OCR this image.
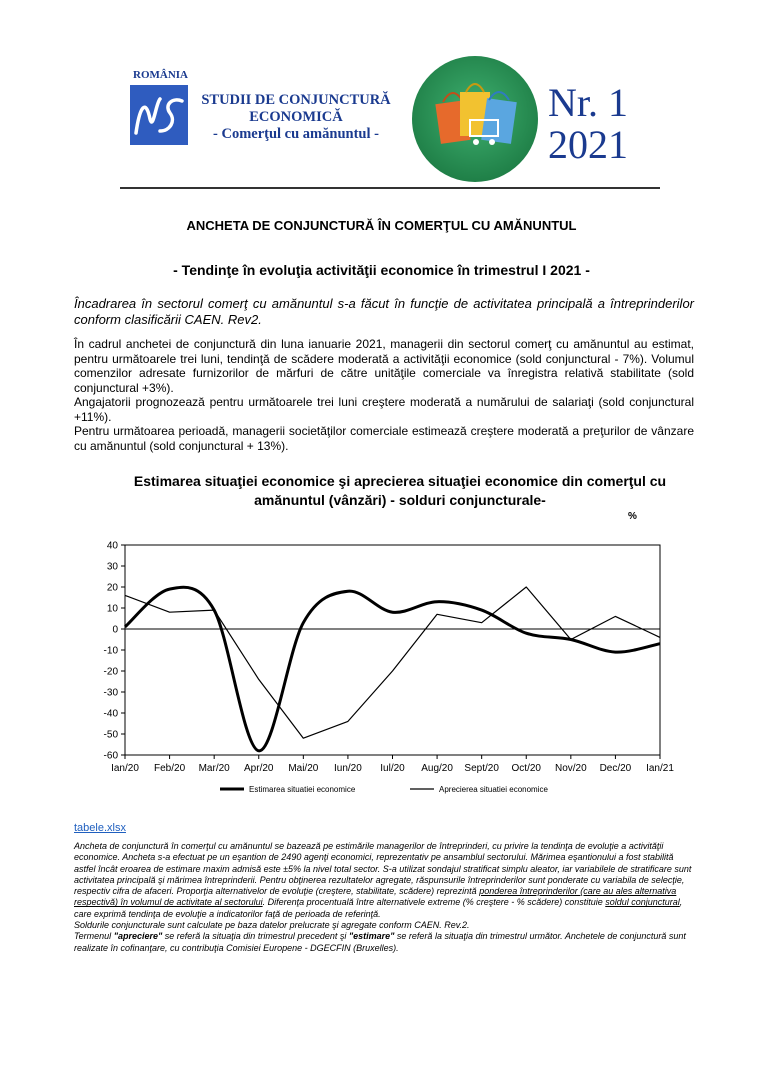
ROMÂNIA
STUDII DE CONJUNCTURĂ
ECONOMICĂ
- Comerţul cu amănuntul -
Nr. 1
2021
ANCHETA DE CONJUNCTURĂ ÎN COMERŢUL CU AMĂNUNTUL
- Tendinţe în evoluţia activităţii economice în trimestrul I 2021 -
Încadrarea în sectorul comerţ cu amănuntul s-a făcut în funcţie de activitatea principală a întreprinderilor conform clasificării CAEN. Rev2.

În cadrul anchetei de conjunctură din luna ianuarie 2021, managerii din sectorul comerţ cu amănuntul au estimat, pentru următoarele trei luni, tendinţă de scădere moderată a activităţii economice (sold conjunctural - 7%). Volumul comenzilor adresate furnizorilor de mărfuri de către unităţile comerciale va înregistra relativă stabilitate (sold conjunctural +3%).

Angajatorii prognozează pentru următoarele trei luni creştere moderată a numărului de salariaţi (sold conjunctural +11%).

Pentru următoarea perioadă, managerii societăţilor comerciale estimează creştere moderată a preţurilor de vânzare cu amănuntul (sold conjunctural + 13%).

Estimarea situaţiei economice şi aprecierea situaţiei economice din comerţul cu amănuntul (vânzări) - solduri conjuncturale-
%
40
30
20
10
0
-10
-20
-30
-40
-50
-60
Ian/20 Feb/20 Mar/20 Apr/20 Mai/20 Iun/20 Iul/20 Aug/20 Sept/20 Oct/20 Nov/20 Dec/20 Ian/21
Estimarea situatiei economice	Aprecierea situatiei economice
tabele.xlsx

Ancheta de conjunctură în comerţul cu amănuntul se bazează pe estimările managerilor de întreprinderi, cu privire la tendinţa de evoluţie a activităţii economice. Ancheta s-a efectuat pe un eşantion de 2490 agenţi economici, reprezentativ pe ansamblul sectorului. Mărimea eşantionului a fost stabilită astfel încât eroarea de estimare maxim admisă este ±5% la nivel total sector. S-a utilizat sondajul stratificat simplu aleator, iar variabilele de stratificare sunt activitatea principală şi mărimea întreprinderii. Pentru obţinerea rezultatelor agregate, răspunsurile întreprinderilor sunt ponderate cu variabila de selecţie, respectiv cifra de afaceri. Proporţia alternativelor de evoluţie (creştere, stabilitate, scădere) reprezintă ponderea întreprinderilor (care au ales alternativa respectivă) în volumul de activitate al sectorului. Diferenţa procentuală între alternativele extreme (% creştere - % scădere) constituie soldul conjunctural, care exprimă tendinţa de evoluţie a indicatorilor faţă de perioada de referinţă.

Soldurile conjuncturale sunt calculate pe baza datelor prelucrate şi agregate conform CAEN. Rev.2.

Termenul "apreciere" se referă la situaţia din trimestrul precedent şi "estimare" se referă la situaţia din trimestrul următor. Anchetele de conjunctură sunt realizate în cofinanţare, cu contribuţia Comisiei Europene - DGECFIN (Bruxelles).
